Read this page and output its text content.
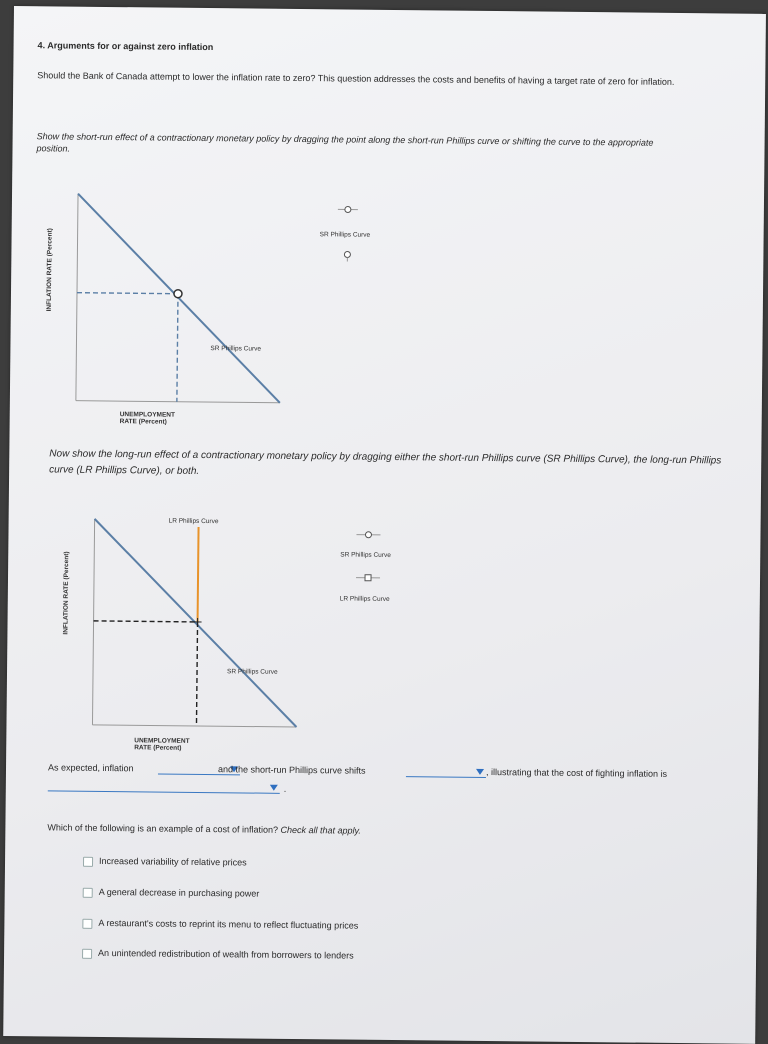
4. Arguments for or against zero inflation
Should the Bank of Canada attempt to lower the inflation rate to zero? This question addresses the costs and benefits of having a target rate of zero for inflation.
Show the short-run effect of a contractionary monetary policy by dragging the point along the short-run Phillips curve or shifting the curve to the appropriate position.
INFLATION RATE (Percent)
UNEMPLOYMENT RATE (Percent)
SR Phillips Curve
SR Phillips Curve
Now show the long-run effect of a contractionary monetary policy by dragging either the short-run Phillips curve (SR Phillips Curve), the long-run Phillips curve (LR Phillips Curve), or both.
INFLATION RATE (Percent)
UNEMPLOYMENT RATE (Percent)
LR Phillips Curve
SR Phillips Curve
SR Phillips Curve
LR Phillips Curve
As expected, inflation	and the short-run Phillips curve shifts	, illustrating that the cost of fighting inflation is
.
Which of the following is an example of a cost of inflation? Check all that apply.
Increased variability of relative prices
A general decrease in purchasing power
A restaurant's costs to reprint its menu to reflect fluctuating prices
An unintended redistribution of wealth from borrowers to lenders
